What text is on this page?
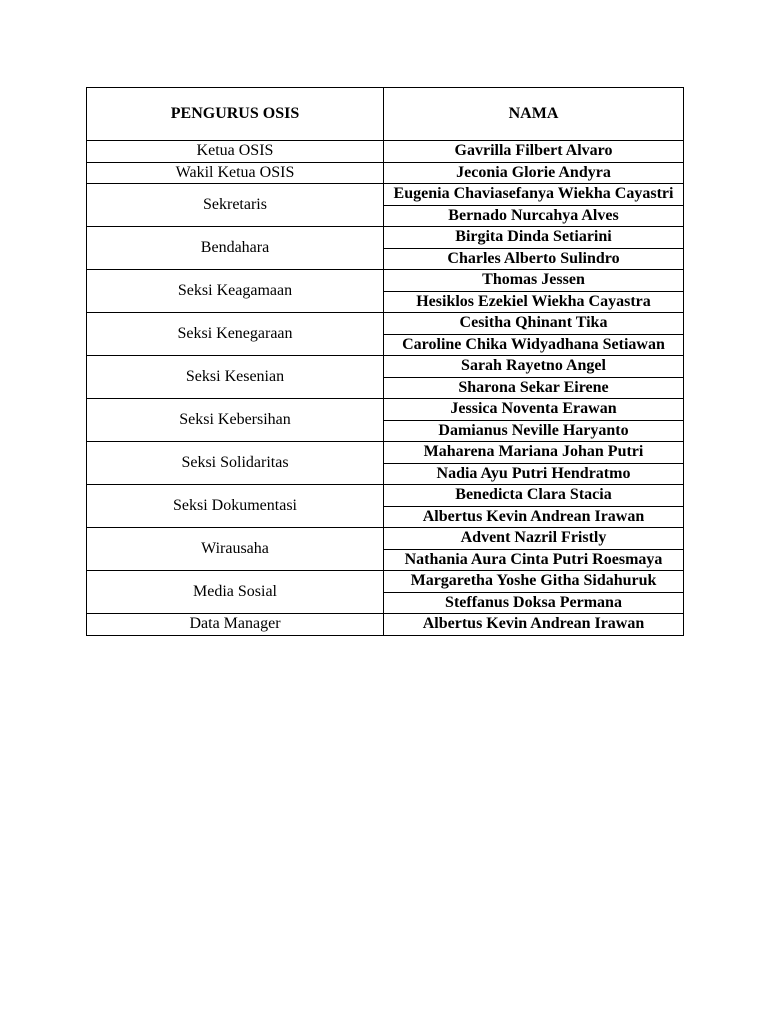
PENGURUS OSIS	NAMA
Ketua OSIS	Gavrilla Filbert Alvaro
Wakil Ketua OSIS	Jeconia Glorie Andyra
Sekretaris	Eugenia Chaviasefanya Wiekha Cayastri
	Bernado Nurcahya Alves
Bendahara	Birgita Dinda Setiarini
	Charles Alberto Sulindro
Seksi Keagamaan	Thomas Jessen
	Hesiklos Ezekiel Wiekha Cayastra
Seksi Kenegaraan	Cesitha Qhinant Tika
	Caroline Chika Widyadhana Setiawan
Seksi Kesenian	Sarah Rayetno Angel
	Sharona Sekar Eirene
Seksi Kebersihan	Jessica Noventa Erawan
	Damianus Neville Haryanto
Seksi Solidaritas	Maharena Mariana Johan Putri
	Nadia Ayu Putri Hendratmo
Seksi Dokumentasi	Benedicta Clara Stacia
	Albertus Kevin Andrean Irawan
Wirausaha	Advent Nazril Fristly
	Nathania Aura Cinta Putri Roesmaya
Media Sosial	Margaretha Yoshe Githa Sidahuruk
	Steffanus Doksa Permana
Data Manager	Albertus Kevin Andrean Irawan
